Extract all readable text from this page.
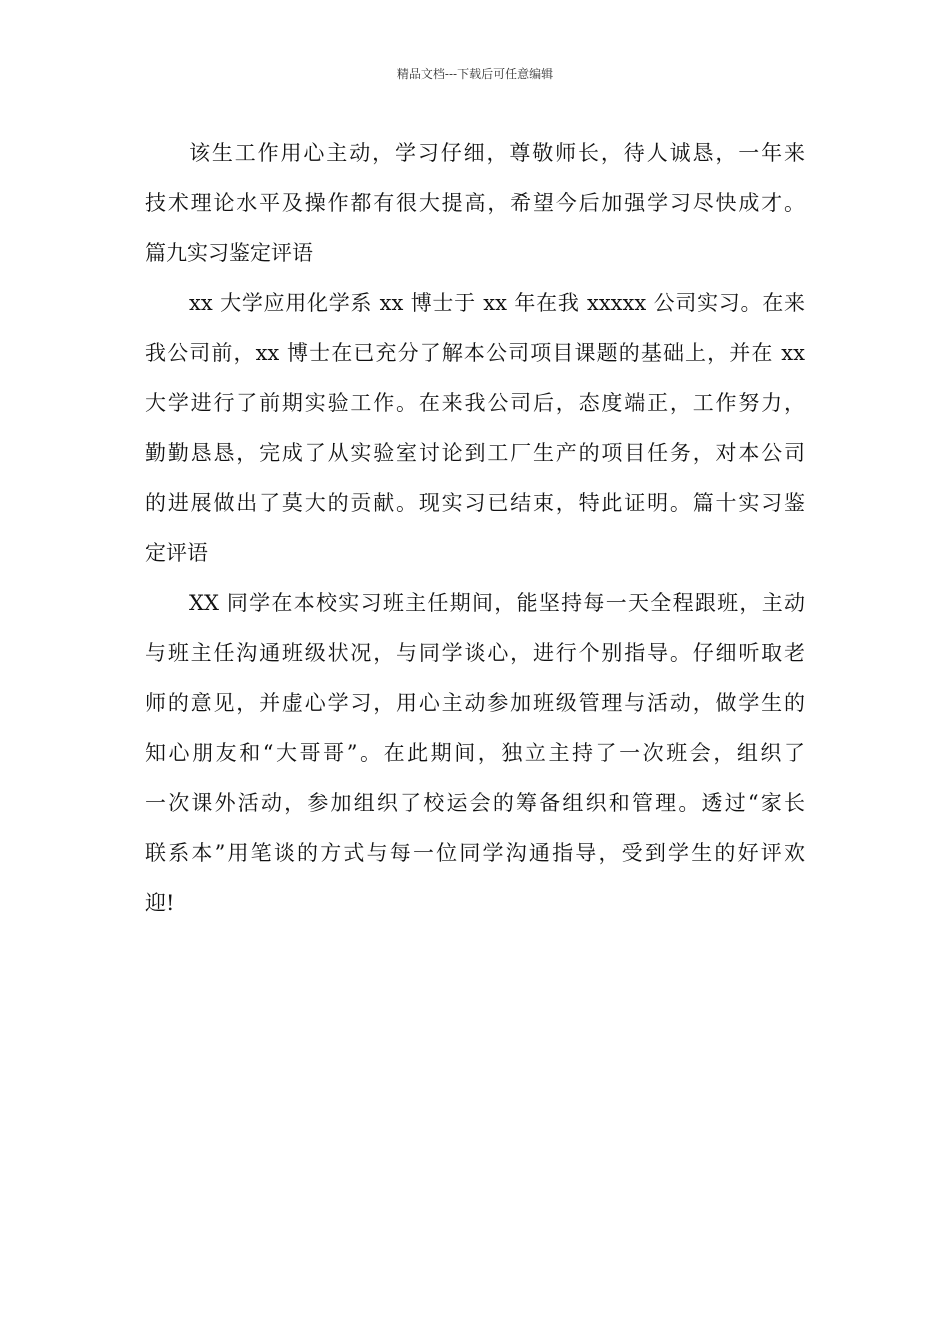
精品文档---下载后可任意编辑
该生工作用心主动，学习仔细，尊敬师长，待人诚恳，一年来
技术理论水平及操作都有很大提高，希望今后加强学习尽快成才。
篇九实习鉴定评语
xx 大学应用化学系 xx 博士于 xx 年在我 xxxxx 公司实习。在来
我公司前，xx 博士在已充分了解本公司项目课题的基础上，并在 xx
大学进行了前期实验工作。在来我公司后，态度端正，工作努力，
勤勤恳恳，完成了从实验室讨论到工厂生产的项目任务，对本公司
的进展做出了莫大的贡献。现实习已结束，特此证明。篇十实习鉴
定评语
XX 同学在本校实习班主任期间，能坚持每一天全程跟班，主动
与班主任沟通班级状况，与同学谈心，进行个别指导。仔细听取老
师的意见，并虚心学习，用心主动参加班级管理与活动，做学生的
知心朋友和“大哥哥”。在此期间，独立主持了一次班会，组织了
一次课外活动，参加组织了校运会的筹备组织和管理。透过“家长
联系本”用笔谈的方式与每一位同学沟通指导，受到学生的好评欢
迎!
